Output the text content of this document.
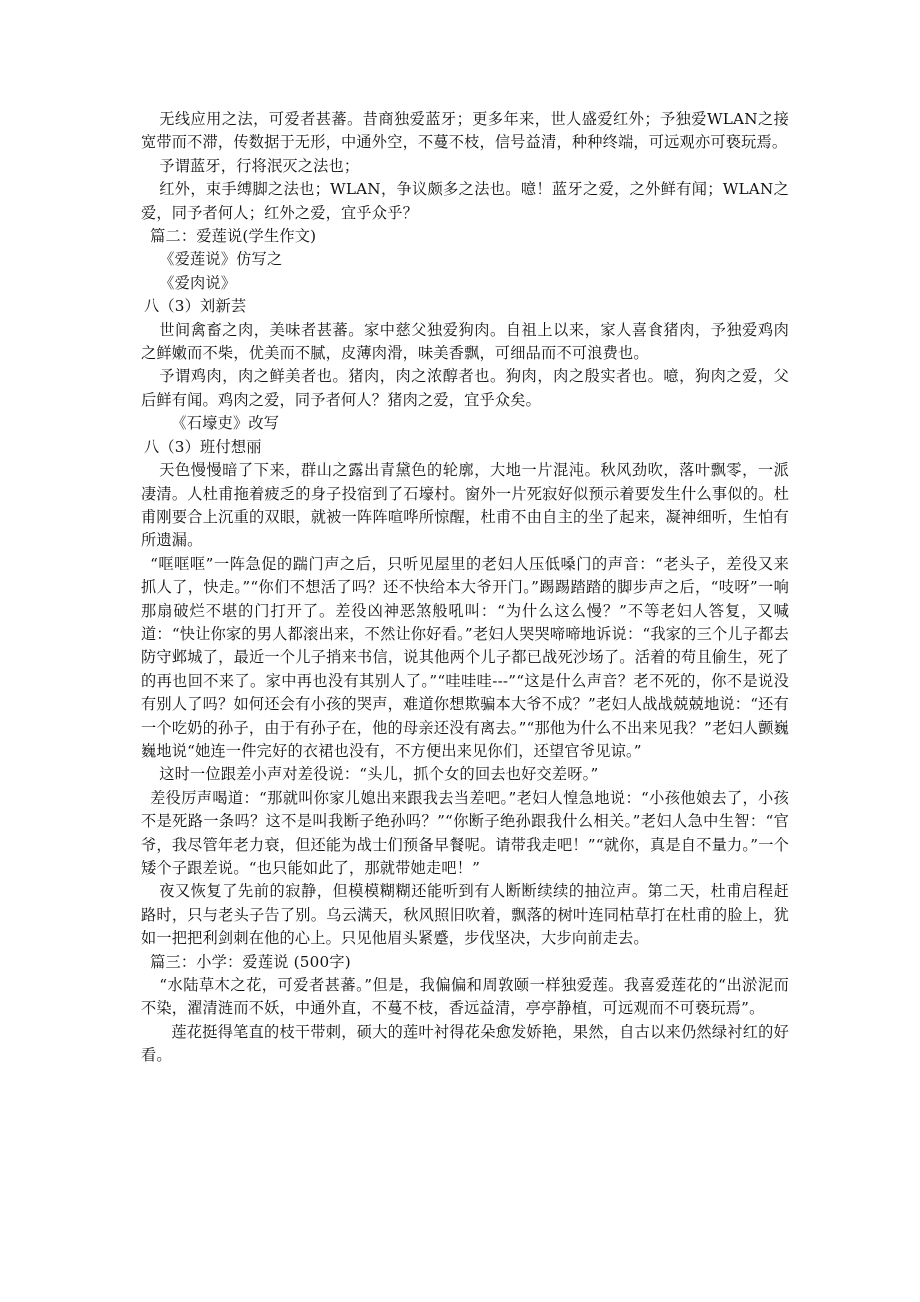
无线应用之法，可爱者甚蕃。昔商独爱蓝牙；更多年来，世人盛爱红外；予独爱WLAN之接宽带而不滞，传数据于无形，中通外空，不蔓不枝，信号益清，种种终端，可远观亦可亵玩焉。

予谓蓝牙，行将泯灭之法也；

红外，束手缚脚之法也；WLAN，争议颇多之法也。噫！蓝牙之爱，之外鲜有闻；WLAN之爱，同予者何人；红外之爱，宜乎众乎？

篇二：爱莲说(学生作文)

《爱莲说》仿写之

《爱肉说》

八（3）刘新芸

世间禽畜之肉，美味者甚蕃。家中慈父独爱狗肉。自祖上以来，家人喜食猪肉，予独爱鸡肉之鲜嫩而不柴，优美而不腻，皮薄肉滑，味美香飘，可细品而不可浪费也。

予谓鸡肉，肉之鲜美者也。猪肉，肉之浓醇者也。狗肉，肉之殷实者也。噫，狗肉之爱，父后鲜有闻。鸡肉之爱，同予者何人？猪肉之爱，宜乎众矣。

《石壕吏》改写

八（3）班付想丽

天色慢慢暗了下来，群山之露出青黛色的轮廓，大地一片混沌。秋风劲吹，落叶飘零，一派凄清。人杜甫拖着疲乏的身子投宿到了石壕村。窗外一片死寂好似预示着要发生什么事似的。杜甫刚要合上沉重的双眼，就被一阵阵喧哗所惊醒，杜甫不由自主的坐了起来，凝神细听，生怕有所遗漏。

“哐哐哐”一阵急促的踹门声之后，只听见屋里的老妇人压低嗓门的声音：“老头子，差役又来抓人了，快走。”“你们不想活了吗？还不快给本大爷开门。”踢踢踏踏的脚步声之后，“吱呀”一响那扇破烂不堪的门打开了。差役凶神恶煞般吼叫：“为什么这么慢？”不等老妇人答复，又喊道：“快让你家的男人都滚出来，不然让你好看。”老妇人哭哭啼啼地诉说：“我家的三个儿子都去防守邺城了，最近一个儿子捎来书信，说其他两个儿子都已战死沙场了。活着的苟且偷生，死了的再也回不来了。家中再也没有其别人了。”“哇哇哇---”“这是什么声音？老不死的，你不是说没有别人了吗？如何还会有小孩的哭声，难道你想欺骗本大爷不成？”老妇人战战兢兢地说：“还有一个吃奶的孙子，由于有孙子在，他的母亲还没有离去。”“那他为什么不出来见我？”老妇人颤巍巍地说“她连一件完好的衣裙也没有，不方便出来见你们，还望官爷见谅。”

这时一位跟差小声对差役说：“头儿，抓个女的回去也好交差呀。”

差役厉声喝道：“那就叫你家儿媳出来跟我去当差吧。”老妇人惶急地说：“小孩他娘去了，小孩不是死路一条吗？这不是叫我断子绝孙吗？”“你断子绝孙跟我什么相关。”老妇人急中生智：“官爷，我尽管年老力衰，但还能为战士们预备早餐呢。请带我走吧！”“就你，真是自不量力。”一个矮个子跟差说。“也只能如此了，那就带她走吧！”

夜又恢复了先前的寂静，但模模糊糊还能听到有人断断续续的抽泣声。第二天，杜甫启程赶路时，只与老头子告了别。乌云满天，秋风照旧吹着，飘落的树叶连同枯草打在杜甫的脸上，犹如一把把利剑刺在他的心上。只见他眉头紧蹙，步伐坚决，大步向前走去。

篇三：小学：爱莲说 (500字)

“水陆草木之花，可爱者甚蕃。”但是，我偏偏和周敦颐一样独爱莲。我喜爱莲花的“出淤泥而不染，濯清涟而不妖，中通外直，不蔓不枝，香远益清，亭亭静植，可远观而不可亵玩焉”。

莲花挺得笔直的枝干带刺，硕大的莲叶衬得花朵愈发娇艳，果然，自古以来仍然绿衬红的好看。
